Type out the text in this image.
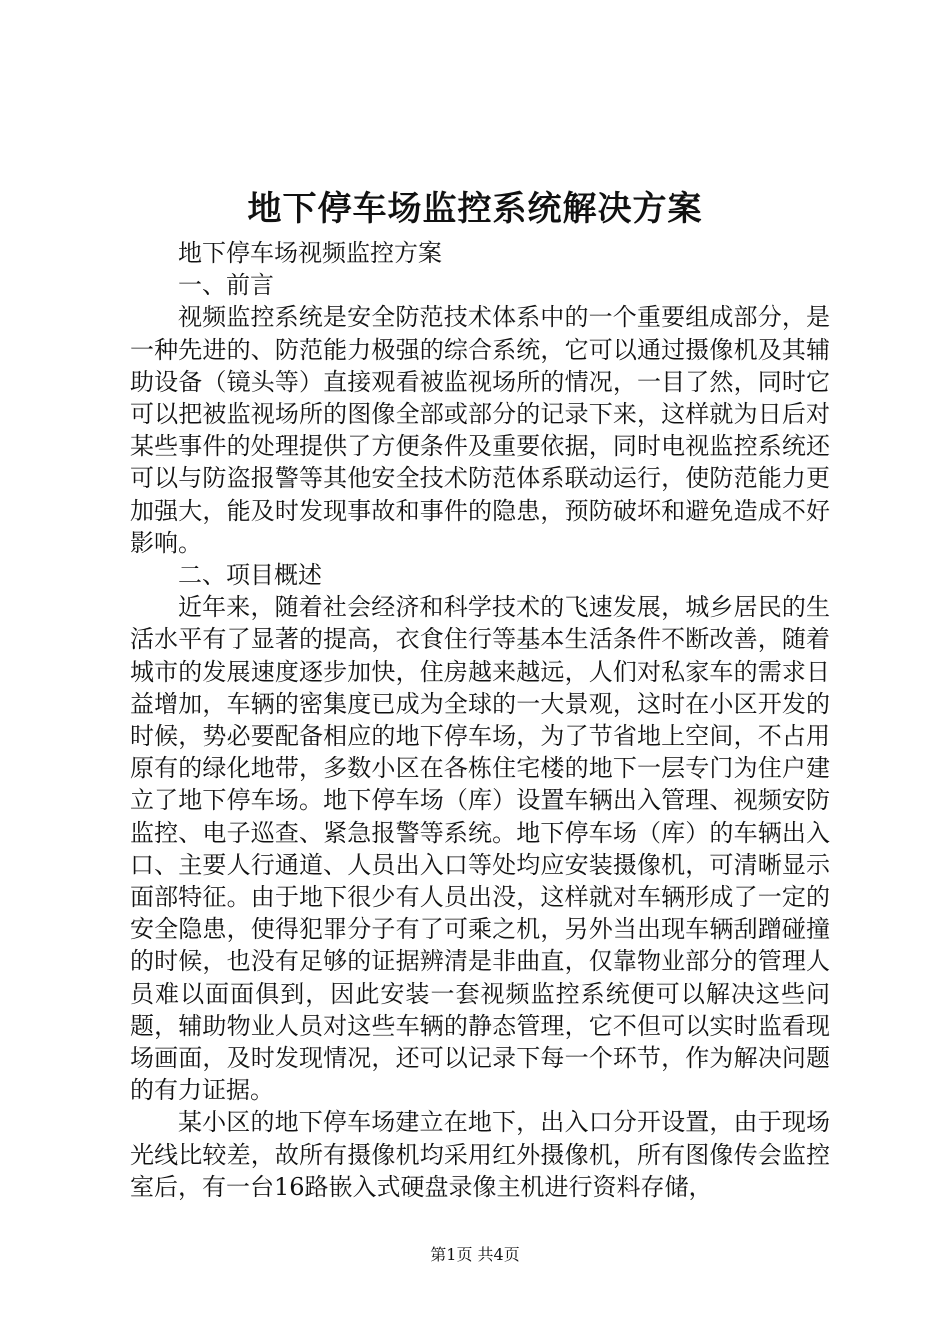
地下停车场监控系统解决方案

地下停车场视频监控方案

一、前言

视频监控系统是安全防范技术体系中的一个重要组成部分，是一种先进的、防范能力极强的综合系统，它可以通过摄像机及其辅助设备（镜头等）直接观看被监视场所的情况，一目了然，同时它可以把被监视场所的图像全部或部分的记录下来，这样就为日后对某些事件的处理提供了方便条件及重要依据，同时电视监控系统还可以与防盗报警等其他安全技术防范体系联动运行，使防范能力更加强大，能及时发现事故和事件的隐患，预防破坏和避免造成不好影响。

二、项目概述

近年来，随着社会经济和科学技术的飞速发展，城乡居民的生活水平有了显著的提高，衣食住行等基本生活条件不断改善，随着城市的发展速度逐步加快，住房越来越远，人们对私家车的需求日益增加，车辆的密集度已成为全球的一大景观，这时在小区开发的时候，势必要配备相应的地下停车场，为了节省地上空间，不占用原有的绿化地带，多数小区在各栋住宅楼的地下一层专门为住户建立了地下停车场。地下停车场（库）设置车辆出入管理、视频安防监控、电子巡查、紧急报警等系统。地下停车场（库）的车辆出入口、主要人行通道、人员出入口等处均应安装摄像机，可清晰显示面部特征。由于地下很少有人员出没，这样就对车辆形成了一定的安全隐患，使得犯罪分子有了可乘之机，另外当出现车辆刮蹭碰撞的时候，也没有足够的证据辨清是非曲直，仅靠物业部分的管理人员难以面面俱到，因此安装一套视频监控系统便可以解决这些问题，辅助物业人员对这些车辆的静态管理，它不但可以实时监看现场画面，及时发现情况，还可以记录下每一个环节，作为解决问题的有力证据。

某小区的地下停车场建立在地下，出入口分开设置，由于现场光线比较差，故所有摄像机均采用红外摄像机，所有图像传会监控室后，有一台16路嵌入式硬盘录像主机进行资料存储，

第1页 共4页
